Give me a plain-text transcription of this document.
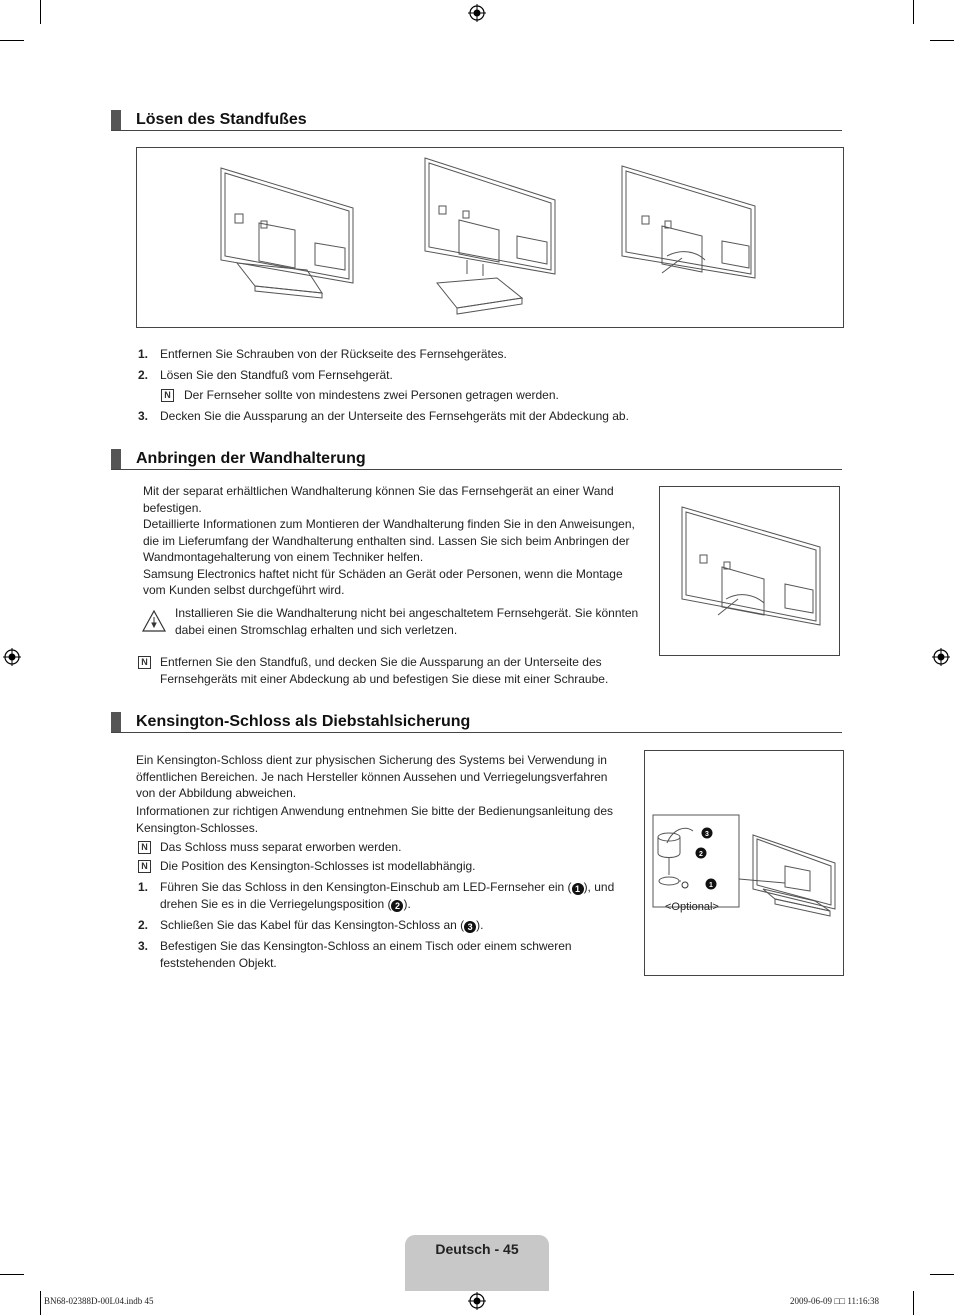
Lösen des Standfußes
1. Entfernen Sie Schrauben von der Rückseite des Fernsehgerätes.
2. Lösen Sie den Standfuß vom Fernsehgerät.
N Der Fernseher sollte von mindestens zwei Personen getragen werden.
3. Decken Sie die Aussparung an der Unterseite des Fernsehgeräts mit der Abdeckung ab.
Anbringen der Wandhalterung
Mit der separat erhältlichen Wandhalterung können Sie das Fernsehgerät an einer Wand
befestigen.
Detaillierte Informationen zum Montieren der Wandhalterung finden Sie in den Anweisungen,
die im Lieferumfang der Wandhalterung enthalten sind. Lassen Sie sich beim Anbringen der
Wandmontagehalterung von einem Techniker helfen.
Samsung Electronics haftet nicht für Schäden an Gerät oder Personen, wenn die Montage
vom Kunden selbst durchgeführt wird.
Installieren Sie die Wandhalterung nicht bei angeschaltetem Fernsehgerät. Sie könnten
dabei einen Stromschlag erhalten und sich verletzen.
N Entfernen Sie den Standfuß, und decken Sie die Aussparung an der Unterseite des
Fernsehgeräts mit einer Abdeckung ab und befestigen Sie diese mit einer Schraube.
Kensington-Schloss als Diebstahlsicherung
Ein Kensington-Schloss dient zur physischen Sicherung des Systems bei Verwendung in
öffentlichen Bereichen. Je nach Hersteller können Aussehen und Verriegelungsverfahren
von der Abbildung abweichen.
Informationen zur richtigen Anwendung entnehmen Sie bitte der Bedienungsanleitung des
Kensington-Schlosses.
N Das Schloss muss separat erworben werden.
N Die Position des Kensington-Schlosses ist modellabhängig.
1. Führen Sie das Schloss in den Kensington-Einschub am LED-Fernseher ein ( 1 ), und
drehen Sie es in die Verriegelungsposition ( 2 ).
2. Schließen Sie das Kabel für das Kensington-Schloss an ( 3 ).
3. Befestigen Sie das Kensington-Schloss an einem Tisch oder einem schweren
feststehenden Objekt.
3
2
1
<Optional>
Deutsch - 45
BN68-02388D-00L04.indb 45	2009-06-09 □□ 11:16:38
